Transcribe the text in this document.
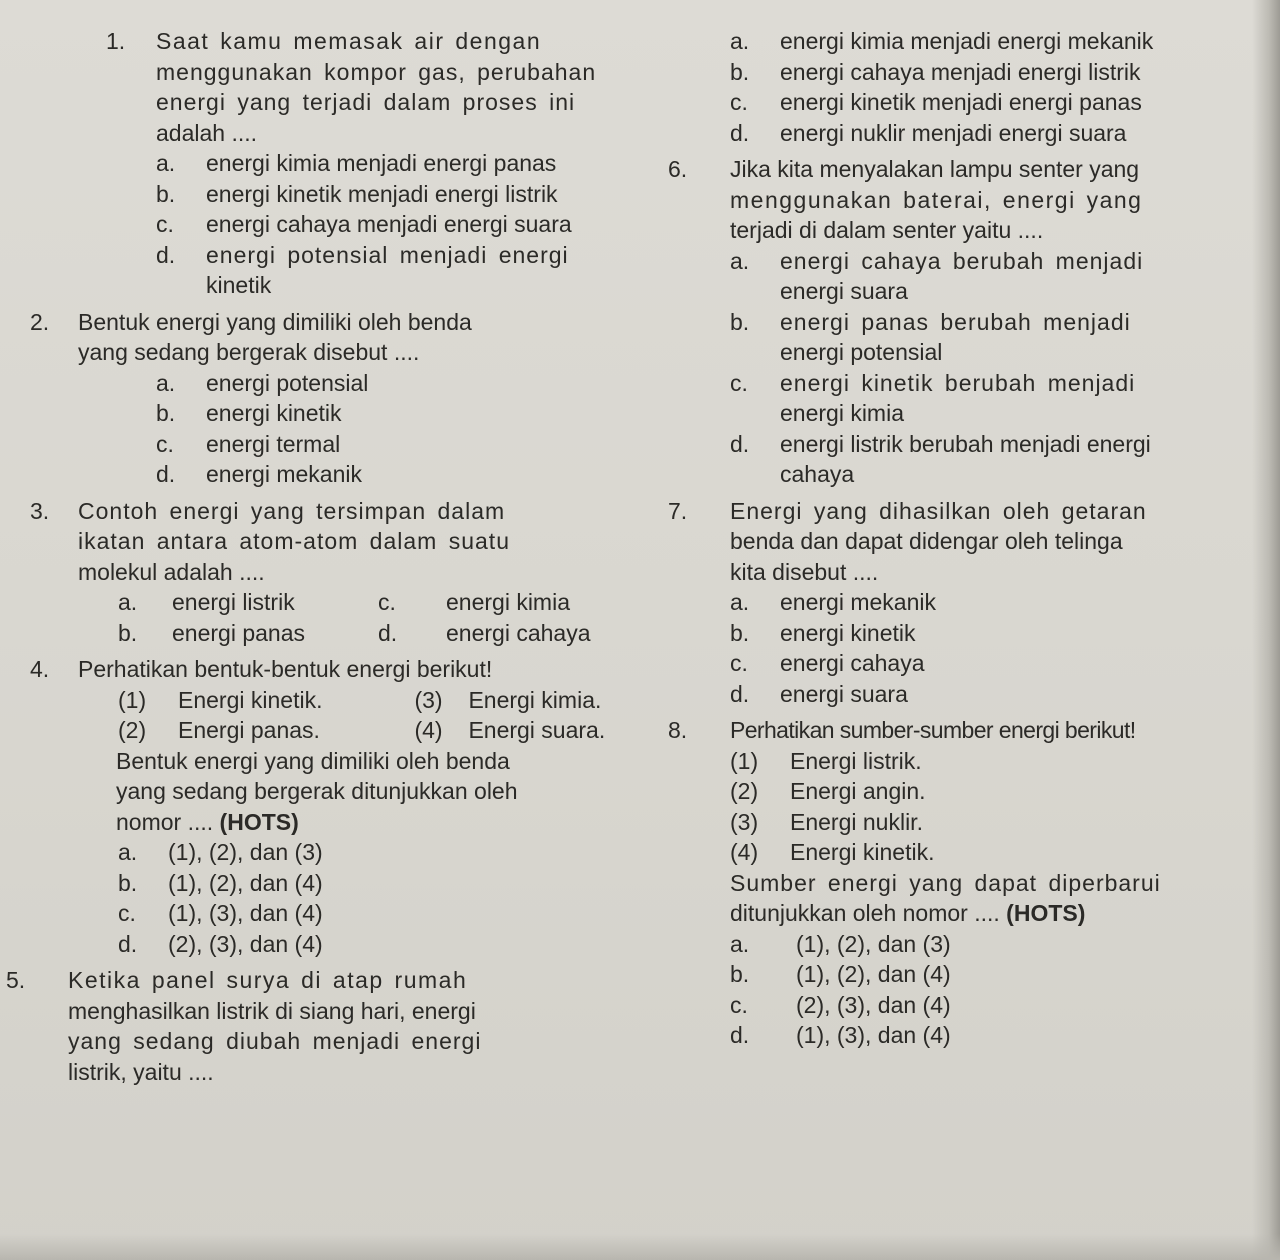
1. Saat kamu memasak air dengan
menggunakan kompor gas, perubahan
energi yang terjadi dalam proses ini
adalah ....
a. energi kimia menjadi energi panas
b. energi kinetik menjadi energi listrik
c. energi cahaya menjadi energi suara
d. energi potensial menjadi energi
kinetik
2. Bentuk energi yang dimiliki oleh benda
yang sedang bergerak disebut ....
a. energi potensial
b. energi kinetik
c. energi termal
d. energi mekanik
3. Contoh energi yang tersimpan dalam
ikatan antara atom-atom dalam suatu
molekul adalah ....
a.	energi listrik	c.	energi kimia
b.	energi panas	d.	energi cahaya
4. Perhatikan bentuk-bentuk energi berikut!
(1)	Energi kinetik.	(3)	Energi kimia.
(2)	Energi panas.	(4)	Energi suara.
Bentuk energi yang dimiliki oleh benda
yang sedang bergerak ditunjukkan oleh
nomor .... (HOTS)
a. (1), (2), dan (3)
b. (1), (2), dan (4)
c. (1), (3), dan (4)
d. (2), (3), dan (4)
5. Ketika panel surya di atap rumah
menghasilkan listrik di siang hari, energi
yang sedang diubah menjadi energi
listrik, yaitu ....
a. energi kimia menjadi energi mekanik
b. energi cahaya menjadi energi listrik
c. energi kinetik menjadi energi panas
d. energi nuklir menjadi energi suara
6. Jika kita menyalakan lampu senter yang
menggunakan baterai, energi yang
terjadi di dalam senter yaitu ....
a. energi cahaya berubah menjadi
energi suara
b. energi panas berubah menjadi
energi potensial
c. energi kinetik berubah menjadi
energi kimia
d. energi listrik berubah menjadi energi
cahaya
7. Energi yang dihasilkan oleh getaran
benda dan dapat didengar oleh telinga
kita disebut ....
a. energi mekanik
b. energi kinetik
c. energi cahaya
d. energi suara
8. Perhatikan sumber-sumber energi berikut!
(1) Energi listrik.
(2) Energi angin.
(3) Energi nuklir.
(4) Energi kinetik.
Sumber energi yang dapat diperbarui
ditunjukkan oleh nomor .... (HOTS)
a. (1), (2), dan (3)
b. (1), (2), dan (4)
c. (2), (3), dan (4)
d. (1), (3), dan (4)
